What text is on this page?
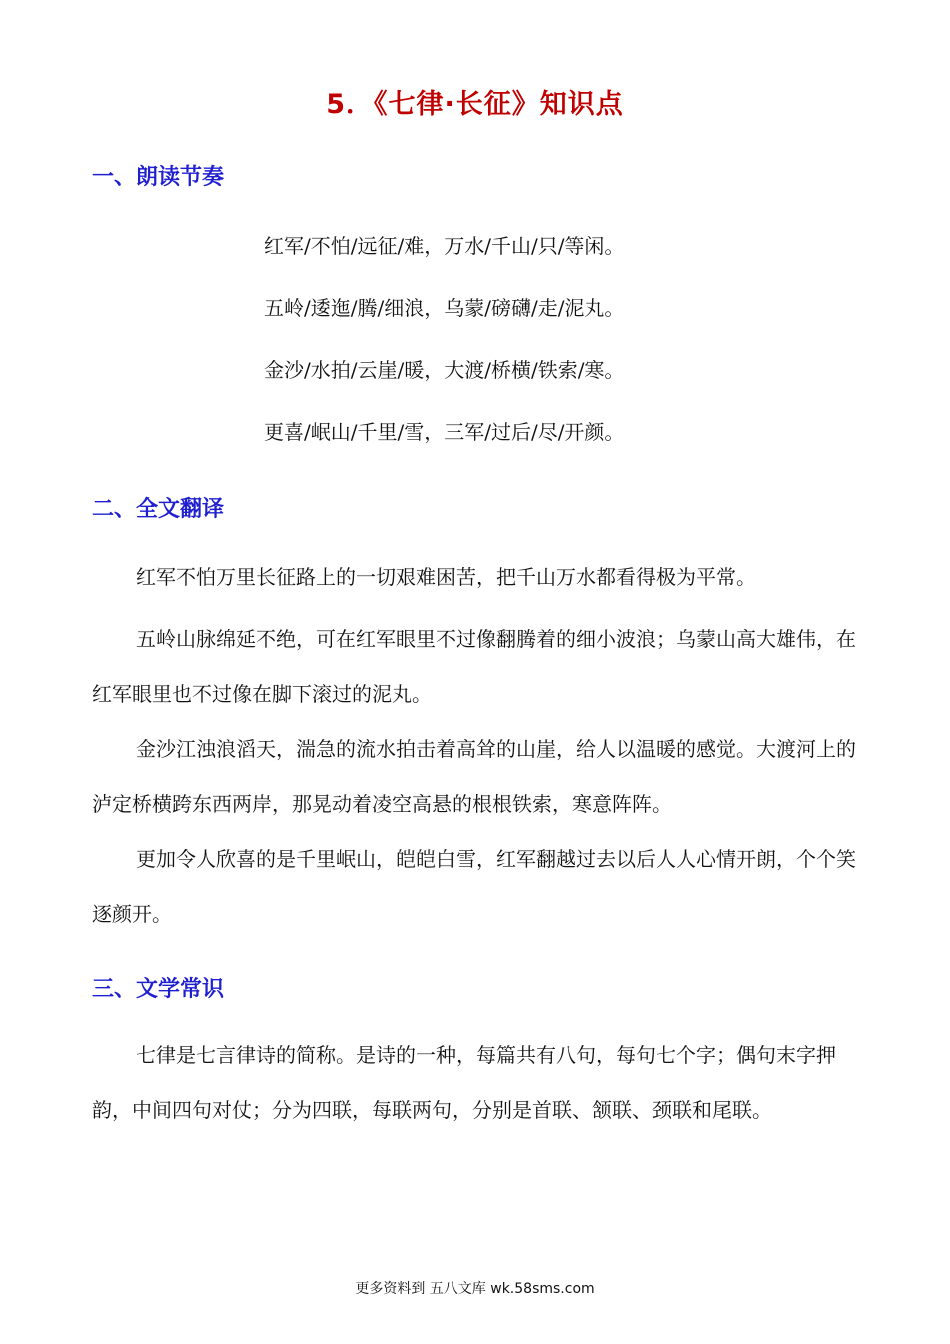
5．《七律·长征》知识点
一、朗读节奏
红军/不怕/远征/难，万水/千山/只/等闲。
五岭/逶迤/腾/细浪，乌蒙/磅礴/走/泥丸。
金沙/水拍/云崖/暖，大渡/桥横/铁索/寒。
更喜/岷山/千里/雪，三军/过后/尽/开颜。
二、全文翻译

红军不怕万里长征路上的一切艰难困苦，把千山万水都看得极为平常。

五岭山脉绵延不绝，可在红军眼里不过像翻腾着的细小波浪；乌蒙山高大雄伟，在红军眼里也不过像在脚下滚过的泥丸。

金沙江浊浪滔天，湍急的流水拍击着高耸的山崖，给人以温暖的感觉。大渡河上的泸定桥横跨东西两岸，那晃动着凌空高悬的根根铁索，寒意阵阵。

更加令人欣喜的是千里岷山，皑皑白雪，红军翻越过去以后人人心情开朗，个个笑逐颜开。

三、文学常识

七律是七言律诗的简称。是诗的一种，每篇共有八句，每句七个字；偶句末字押韵，中间四句对仗；分为四联，每联两句，分别是首联、颔联、颈联和尾联。

更多资料到 五八文库 wk.58sms.com
